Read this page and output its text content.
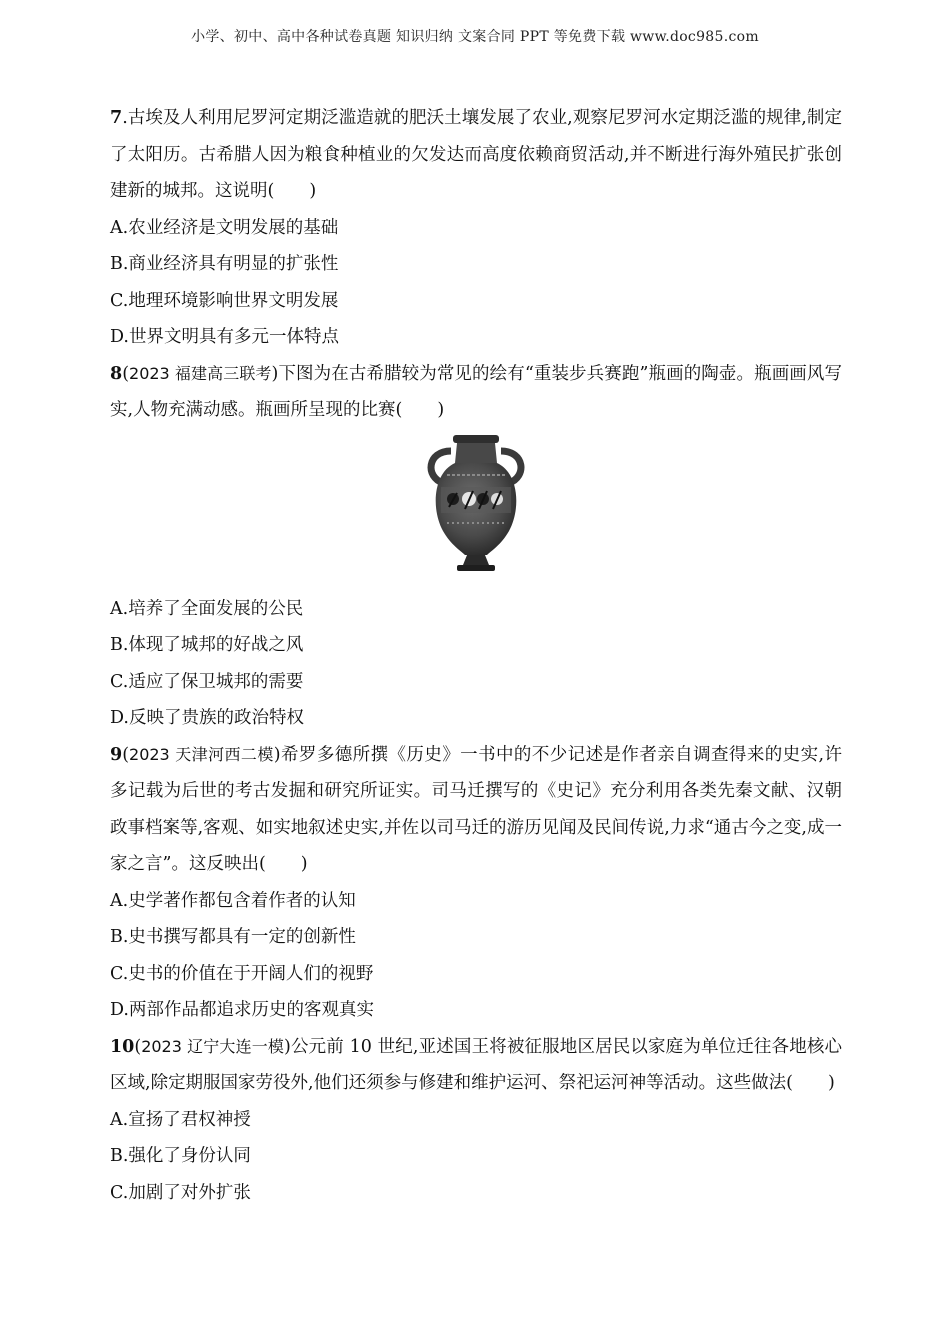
小学、初中、高中各种试卷真题 知识归纳 文案合同 PPT 等免费下载 www.doc985.com

7.古埃及人利用尼罗河定期泛滥造就的肥沃土壤发展了农业,观察尼罗河水定期泛滥的规律,制定了太阳历。古希腊人因为粮食种植业的欠发达而高度依赖商贸活动,并不断进行海外殖民扩张创建新的城邦。这说明(　　)

A.农业经济是文明发展的基础

B.商业经济具有明显的扩张性

C.地理环境影响世界文明发展

D.世界文明具有多元一体特点

8(2023 福建高三联考)下图为在古希腊较为常见的绘有“重装步兵赛跑”瓶画的陶壶。瓶画画风写实,人物充满动感。瓶画所呈现的比赛(　　)

A.培养了全面发展的公民

B.体现了城邦的好战之风

C.适应了保卫城邦的需要

D.反映了贵族的政治特权

9(2023 天津河西二模)希罗多德所撰《历史》一书中的不少记述是作者亲自调查得来的史实,许多记载为后世的考古发掘和研究所证实。司马迁撰写的《史记》充分利用各类先秦文献、汉朝政事档案等,客观、如实地叙述史实,并佐以司马迁的游历见闻及民间传说,力求“通古今之变,成一家之言”。这反映出(　　)

A.史学著作都包含着作者的认知

B.史书撰写都具有一定的创新性

C.史书的价值在于开阔人们的视野

D.两部作品都追求历史的客观真实

10(2023 辽宁大连一模)公元前 10 世纪,亚述国王将被征服地区居民以家庭为单位迁往各地核心区域,除定期服国家劳役外,他们还须参与修建和维护运河、祭祀运河神等活动。这些做法(　　)

A.宣扬了君权神授

B.强化了身份认同

C.加剧了对外扩张
